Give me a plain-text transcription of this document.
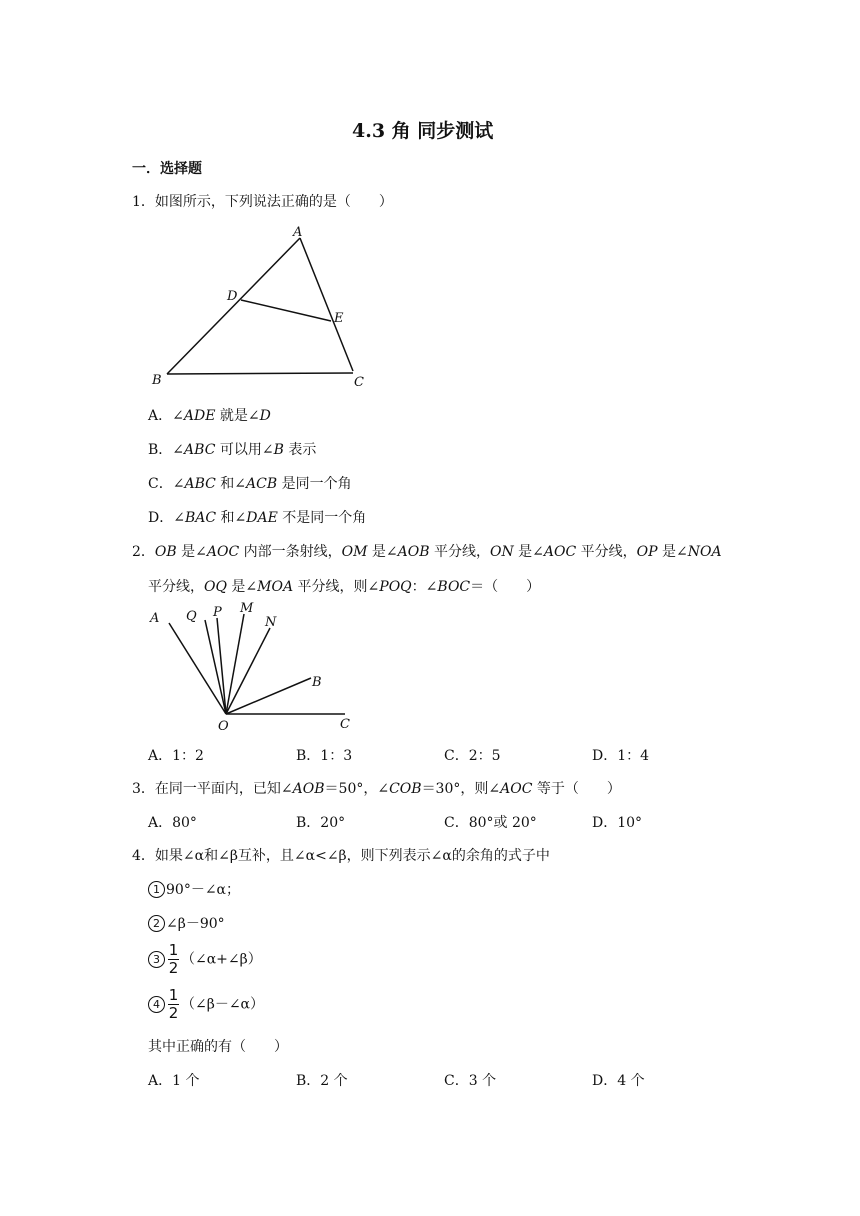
4.3 角 同步测试
一．选择题
1．如图所示，下列说法正确的是（　　）
A
D
E
B	C
A．∠ADE 就是∠D
B．∠ABC 可以用∠B 表示
C．∠ABC 和∠ACB 是同一个角
D．∠BAC 和∠DAE 不是同一个角
2．OB 是∠AOC 内部一条射线，OM 是∠AOB 平分线，ON 是∠AOC 平分线，OP 是∠NOA
平分线，OQ 是∠MOA 平分线，则∠POQ：∠BOC＝（　　）
A Q P M
N
B
O	C
A．1：2	B．1：3	C．2：5	D．1：4
3．在同一平面内，已知∠AOB＝50°，∠COB＝30°，则∠AOC 等于（　　）
A．80°	B．20°	C．80°或 20°	D．10°
4．如果∠α和∠β互补，且∠α<∠β，则下列表示∠α的余角的式子中
1 90°－∠α；
2 ∠β－90°
$3 \frac{1}{2}$ （∠α+∠β）
$4 \frac{1}{2}$ （∠β－∠α）
其中正确的有（　　）
A．1 个	B．2 个	C．3 个	D．4 个
